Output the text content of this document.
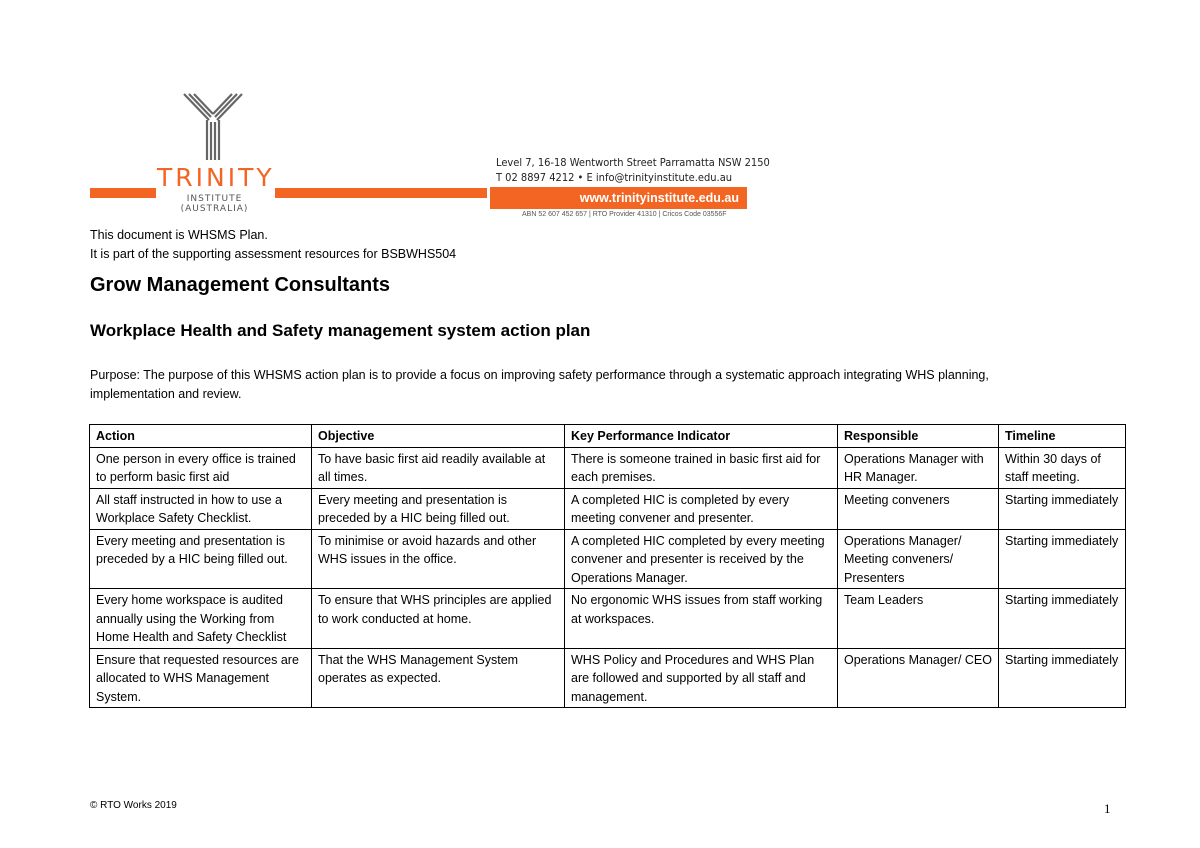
TRINITY
INSTITUTE (AUSTRALIA)
Level 7, 16-18 Wentworth Street Parramatta NSW 2150
T 02 8897 4212 • E info@trinityinstitute.edu.au
www.trinityinstitute.edu.au
ABN 52 607 452 657 | RTO Provider 41310 | Cricos Code 03556F
This document is WHSMS Plan.
It is part of the supporting assessment resources for BSBWHS504
Grow Management Consultants
Workplace Health and Safety management system action plan
Purpose: The purpose of this WHSMS action plan is to provide a focus on improving safety performance through a systematic approach integrating WHS planning, implementation and review.
Action	Objective	Key Performance Indicator	Responsible	Timeline
One person in every office is trained to perform basic first aid	To have basic first aid readily available at all times.	There is someone trained in basic first aid for each premises.	Operations Manager with HR Manager.	Within 30 days of staff meeting.
All staff instructed in how to use a Workplace Safety Checklist.	Every meeting and presentation is preceded by a HIC being filled out.	A completed HIC is completed by every meeting convener and presenter.	Meeting conveners	Starting immediately
Every meeting and presentation is preceded by a HIC being filled out.	To minimise or avoid hazards and other WHS issues in the office.	A completed HIC completed by every meeting convener and presenter is received by the Operations Manager.	Operations Manager/ Meeting conveners/ Presenters	Starting immediately
Every home workspace is audited annually using the Working from Home Health and Safety Checklist	To ensure that WHS principles are applied to work conducted at home.	No ergonomic WHS issues from staff working at workspaces.	Team Leaders	Starting immediately
Ensure that requested resources are allocated to WHS Management System.	That the WHS Management System operates as expected.	WHS Policy and Procedures and WHS Plan are followed and supported by all staff and management.	Operations Manager/ CEO	Starting immediately
© RTO Works 2019	1
